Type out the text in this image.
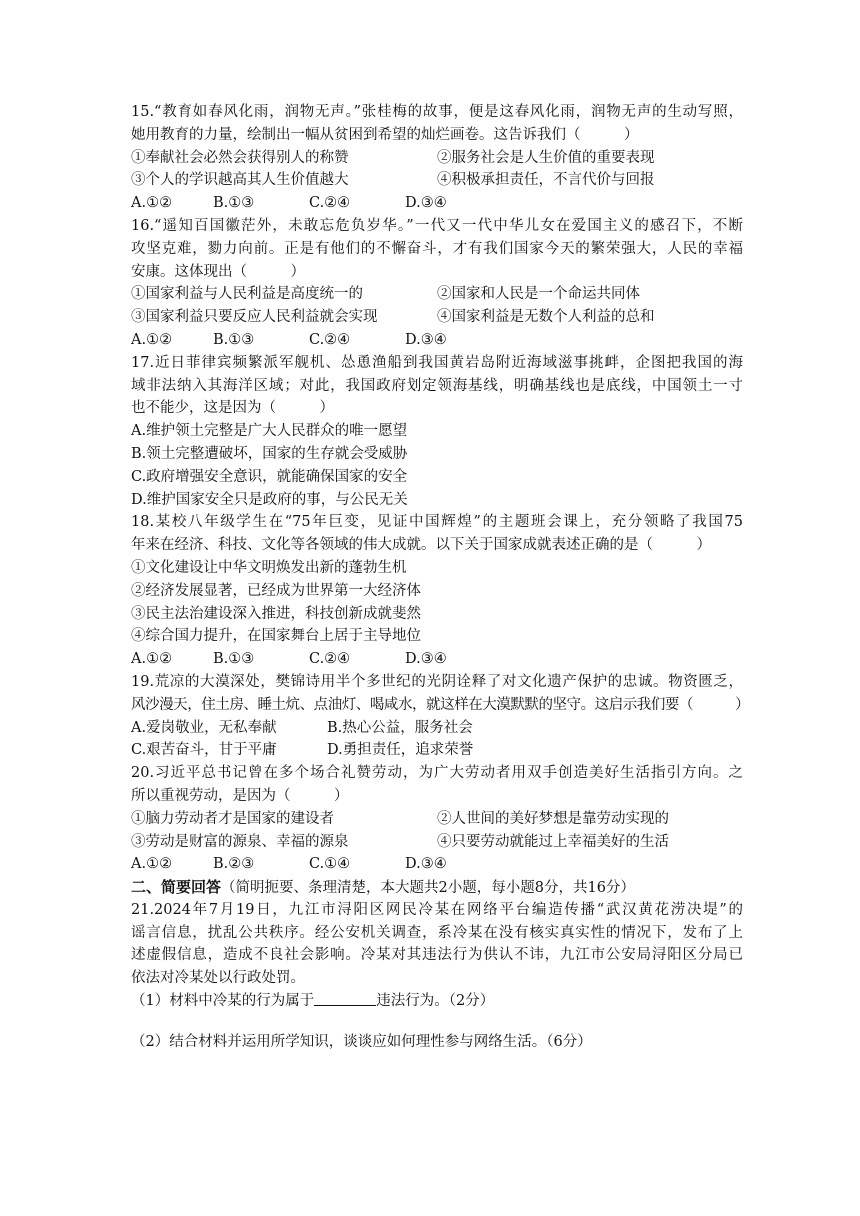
15.“教育如春风化雨，润物无声。”张桂梅的故事，便是这春风化雨，润物无声的生动写照，
她用教育的力量，绘制出一幅从贫困到希望的灿烂画卷。这告诉我们（　　　）
①奉献社会必然会获得别人的称赞	②服务社会是人生价值的重要表现
③个人的学识越高其人生价值越大	④积极承担责任，不言代价与回报
A.①②	B.①③	C.②④	D.③④
16.“遥知百国徽茫外，未敢忘危负岁华。”一代又一代中华儿女在爱国主义的感召下，不断
攻坚克难，勠力向前。正是有他们的不懈奋斗，才有我们国家今天的繁荣强大，人民的幸福
安康。这体现出（　　　）
①国家利益与人民利益是高度统一的	②国家和人民是一个命运共同体
③国家利益只要反应人民利益就会实现	④国家利益是无数个人利益的总和
A.①②	B.①③	C.②④	D.③④
17.近日菲律宾频繁派军舰机、怂恿渔船到我国黄岩岛附近海域滋事挑衅，企图把我国的海
域非法纳入其海洋区域；对此，我国政府划定领海基线，明确基线也是底线，中国领土一寸
也不能少，这是因为（　　　）
A.维护领土完整是广大人民群众的唯一愿望
B.领土完整遭破坏，国家的生存就会受威胁
C.政府增强安全意识，就能确保国家的安全
D.维护国家安全只是政府的事，与公民无关
18.某校八年级学生在“75年巨变，见证中国辉煌”的主题班会课上，充分领略了我国75
年来在经济、科技、文化等各领域的伟大成就。以下关于国家成就表述正确的是（　　　）
①文化建设让中华文明焕发出新的蓬勃生机
②经济发展显著，已经成为世界第一大经济体
③民主法治建设深入推进，科技创新成就斐然
④综合国力提升，在国家舞台上居于主导地位
A.①②	B.①③	C.②④	D.③④
19.荒凉的大漠深处，樊锦诗用半个多世纪的光阴诠释了对文化遗产保护的忠诚。物资匮乏，
风沙漫天，住土房、睡土炕、点油灯、喝咸水，就这样在大漠默默的坚守。这启示我们要（　　　）
A.爱岗敬业，无私奉献	B.热心公益，服务社会
C.艰苦奋斗，甘于平庸	D.勇担责任，追求荣誉
20.习近平总书记曾在多个场合礼赞劳动，为广大劳动者用双手创造美好生活指引方向。之
所以重视劳动，是因为（　　　）
①脑力劳动者才是国家的建设者	②人世间的美好梦想是靠劳动实现的
③劳动是财富的源泉、幸福的源泉	④只要劳动就能过上幸福美好的生活
A.①②	B.②③	C.①④	D.③④
二、简要回答（简明扼要、条理清楚，本大题共2小题，每小题8分，共16分）
21.2024年7月19日，九江市浔阳区网民冷某在网络平台编造传播“武汉黄花涝决堤”的
谣言信息，扰乱公共秩序。经公安机关调查，系冷某在没有核实真实性的情况下，发布了上
述虚假信息，造成不良社会影响。冷某对其违法行为供认不讳，九江市公安局浔阳区分局已
依法对冷某处以行政处罚。
（1）材料中冷某的行为属于	违法行为。（2分）
（2）结合材料并运用所学知识，谈谈应如何理性参与网络生活。（6分）
